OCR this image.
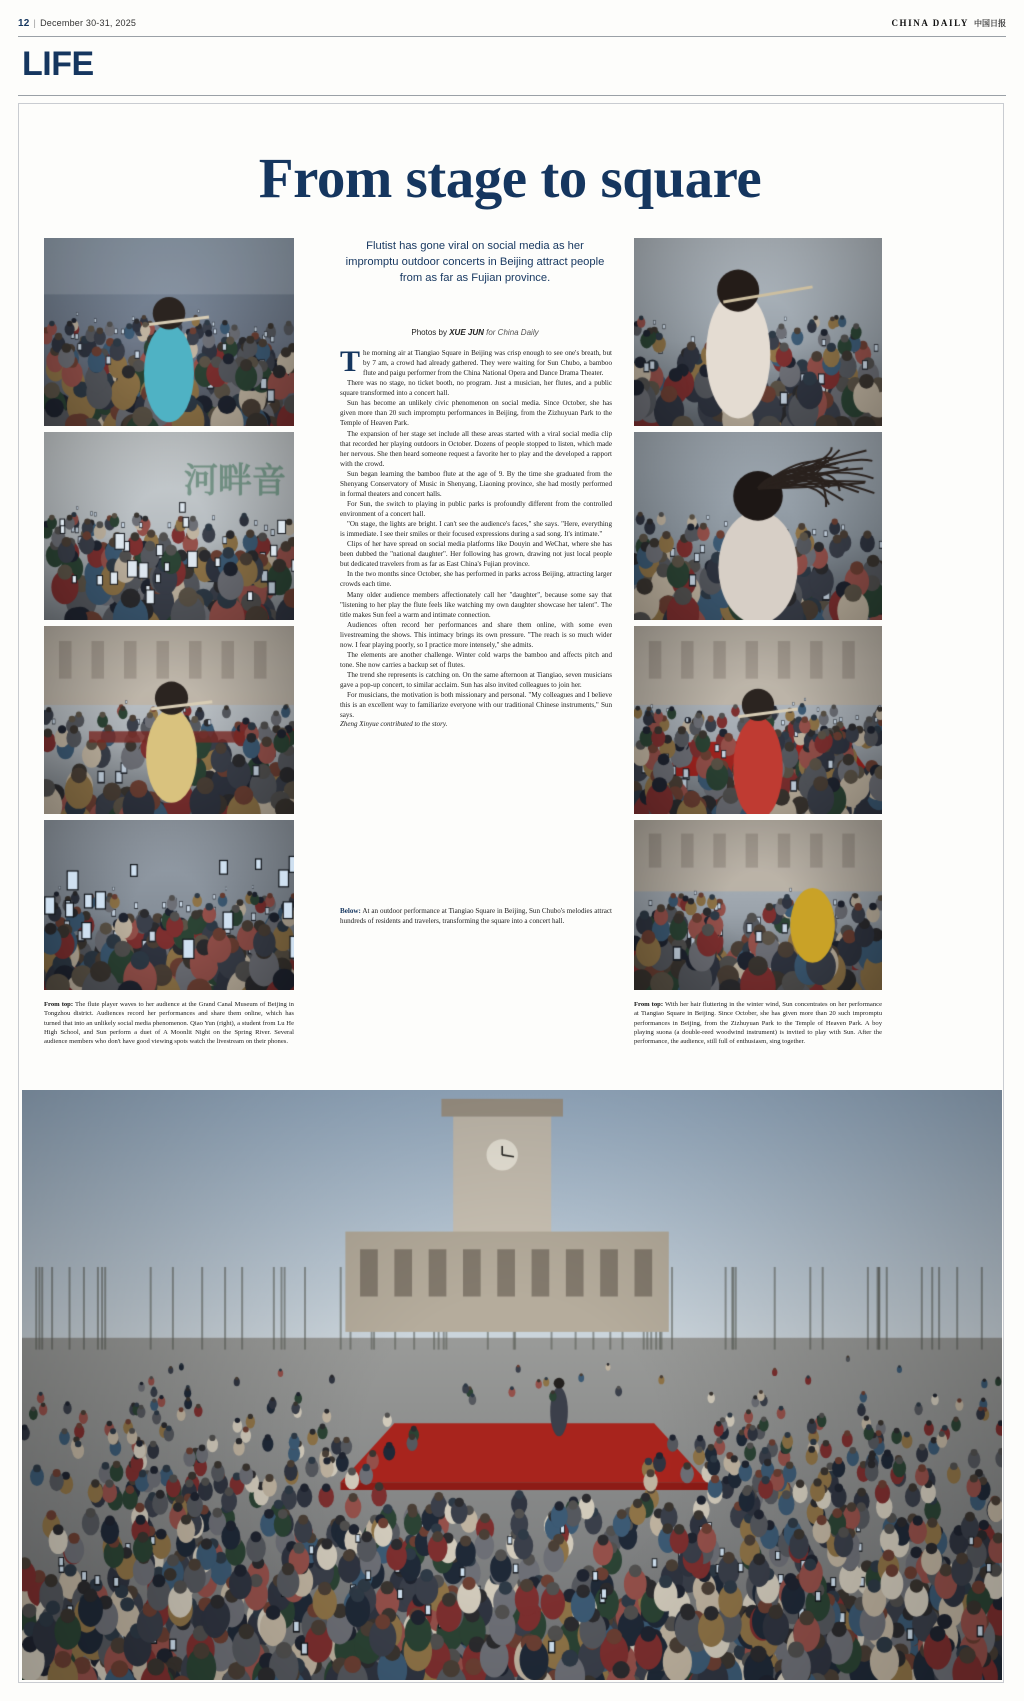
12 | December 30-31, 2025	CHINA DAILY 中国日报
LIFE
From stage to square
Flutist has gone viral on social media as her impromptu outdoor concerts in Beijing attract people from as far as Fujian province.
Photos by XUE JUN for China Daily

The morning air at Tiangiao Square in Beijing was crisp enough to see one's breath, but by 7 am, a crowd had already gathered. They were waiting for Sun Chubo, a bamboo flute and paigu performer from the China National Opera and Dance Drama Theater.

There was no stage, no ticket booth, no program. Just a musician, her flutes, and a public square transformed into a concert hall.

Sun has become an unlikely civic phenomenon on social media. Since October, she has given more than 20 such impromptu performances in Beijing, from the Zizhuyuan Park to the Temple of Heaven Park.

The expansion of her stage set include all these areas started with a viral social media clip that recorded her playing outdoors in October. Dozens of people stopped to listen, which made her nervous. She then heard someone request a favorite her to play and the developed a rapport with the crowd.

Sun began learning the bamboo flute at the age of 9. By the time she graduated from the Shenyang Conservatory of Music in Shenyang, Liaoning province, she had mostly performed in formal theaters and concert halls.

For Sun, the switch to playing in public parks is profoundly different from the controlled environment of a concert hall.

"On stage, the lights are bright. I can't see the audience's faces," she says. "Here, everything is immediate. I see their smiles or their focused expressions during a sad song. It's intimate."

Clips of her have spread on social media platforms like Douyin and WeChat, where she has been dubbed the "national daughter". Her following has grown, drawing not just local people but dedicated travelers from as far as East China's Fujian province.

In the two months since October, she has performed in parks across Beijing, attracting larger crowds each time.

Many older audience members affectionately call her "daughter", because some say that "listening to her play the flute feels like watching my own daughter showcase her talent". The title makes Sun feel a warm and intimate connection.

Audiences often record her performances and share them online, with some even livestreaming the shows. This intimacy brings its own pressure. "The reach is so much wider now. I fear playing poorly, so I practice more intensely," she admits.

The elements are another challenge. Winter cold warps the bamboo and affects pitch and tone. She now carries a backup set of flutes.

The trend she represents is catching on. On the same afternoon at Tiangiao, seven musicians gave a pop-up concert, to similar acclaim. Sun has also invited colleagues to join her.

For musicians, the motivation is both missionary and personal. "My colleagues and I believe this is an excellent way to familiarize everyone with our traditional Chinese instruments," Sun says.

Zheng Xinyue contributed to the story.

Below: At an outdoor performance at Tiangiao Square in Beijing, Sun Chubo's melodies attract hundreds of residents and travelers, transforming the square into a concert hall.
From top: The flute player waves to her audience at the Grand Canal Museum of Beijing in Tongzhou district. Audiences record her performances and share them online, which has turned that into an unlikely social media phenomenon. Qiao Yun (right), a student from Lu He High School, and Sun perform a duet of A Moonlit Night on the Spring River. Several audience members who don't have good viewing spots watch the livestream on their phones.
From top: With her hair fluttering in the winter wind, Sun concentrates on her performance at Tiangiao Square in Beijing. Since October, she has given more than 20 such impromptu performances in Beijing, from the Zizhuyuan Park to the Temple of Heaven Park. A boy playing suona (a double-reed woodwind instrument) is invited to play with Sun. After the performance, the audience, still full of enthusiasm, sing together.
